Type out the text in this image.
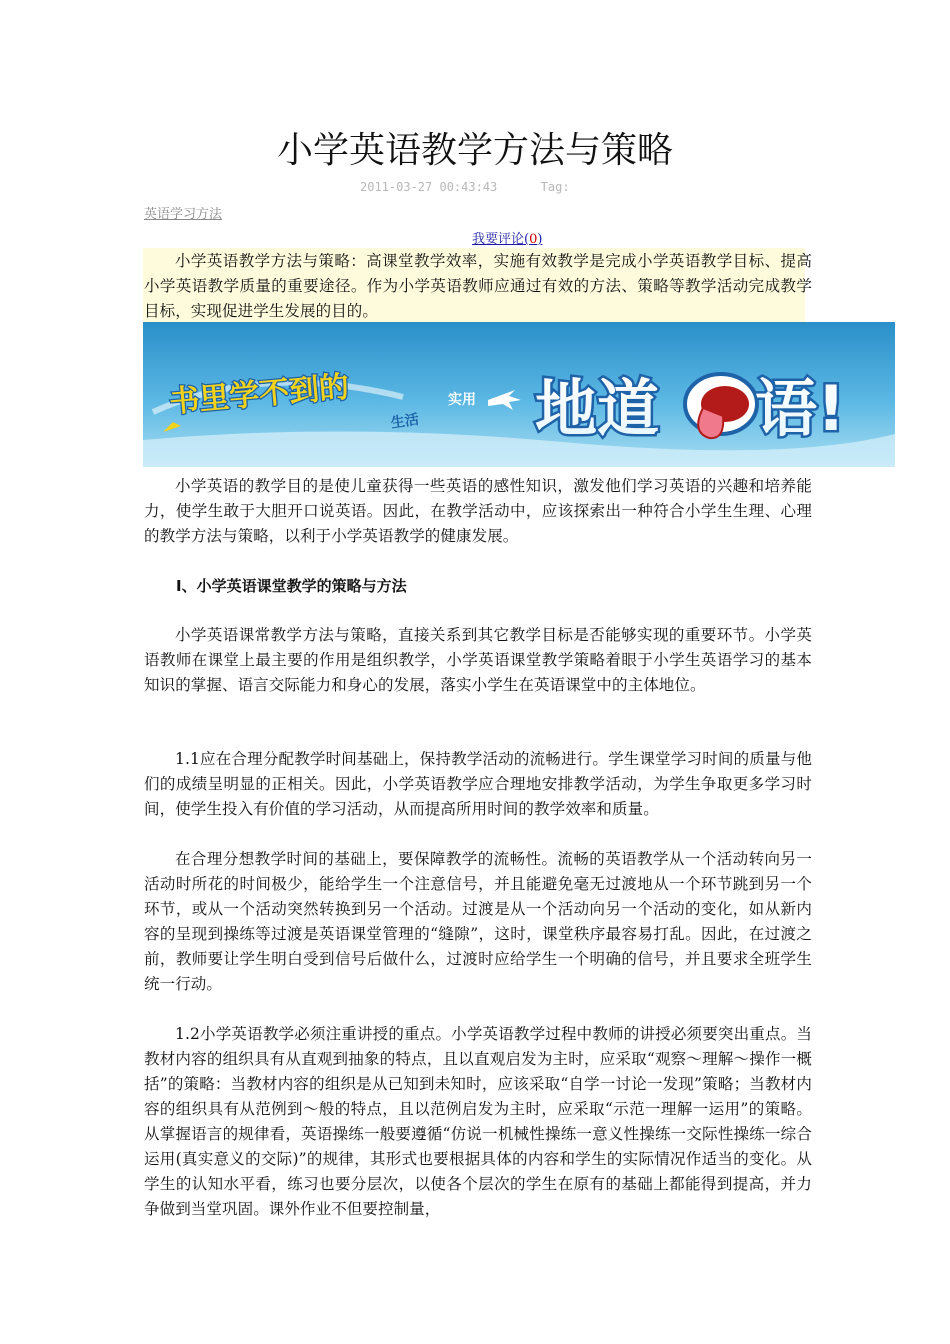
小学英语教学方法与策略
2011-03-27 00:43:43	Tag:
英语学习方法
我要评论(0)

小学英语教学方法与策略：高课堂教学效率，实施有效教学是完成小学英语教学目标、提高小学英语教学质量的重要途径。作为小学英语教师应通过有效的方法、策略等教学活动完成教学目标，实现促进学生发展的目的。

书里学不到的
生活
实用 地道 语!

小学英语的教学目的是使儿童获得一些英语的感性知识，激发他们学习英语的兴趣和培养能力，使学生敢于大胆开口说英语。因此，在教学活动中，应该探索出一种符合小学生生理、心理的教学方法与策略，以利于小学英语教学的健康发展。

Ⅰ、小学英语课堂教学的策略与方法

小学英语课常教学方法与策略，直接关系到其它教学目标是否能够实现的重要环节。小学英语教师在课堂上最主要的作用是组织教学，小学英语课堂教学策略着眼于小学生英语学习的基本知识的掌握、语言交际能力和身心的发展，落实小学生在英语课堂中的主体地位。

1.1应在合理分配教学时间基础上，保持教学活动的流畅进行。学生课堂学习时间的质量与他们的成绩呈明显的正相关。因此，小学英语教学应合理地安排教学活动，为学生争取更多学习时间，使学生投入有价值的学习活动，从而提高所用时间的教学效率和质量。

在合理分想教学时间的基础上，要保障教学的流畅性。流畅的英语教学从一个活动转向另一活动时所花的时间极少，能给学生一个注意信号，并且能避免毫无过渡地从一个环节跳到另一个环节，或从一个活动突然转换到另一个活动。过渡是从一个活动向另一个活动的变化，如从新内容的呈现到操练等过渡是英语课堂管理的“缝隙”，这时，课堂秩序最容易打乱。因此，在过渡之前，教师要让学生明白受到信号后做什么，过渡时应给学生一个明确的信号，并且要求全班学生统一行动。

1.2小学英语教学必须注重讲授的重点。小学英语教学过程中教师的讲授必须要突出重点。当教材内容的组织具有从直观到抽象的特点，且以直观启发为主时，应采取“观察～理解～操作一概括”的策略：当教材内容的组织是从已知到未知时，应该采取“自学一讨论一发现”策略；当教材内容的组织具有从范例到～般的特点，且以范例启发为主时，应采取“示范一理解一运用”的策略。从掌握语言的规律看，英语操练一般要遵循“仿说一机械性操练一意义性操练一交际性操练一综合运用(真实意义的交际)”的规律，其形式也要根据具体的内容和学生的实际情况作适当的变化。从学生的认知水平看，练习也要分层次，以使各个层次的学生在原有的基础上都能得到提高，并力争做到当堂巩固。课外作业不但要控制量，
